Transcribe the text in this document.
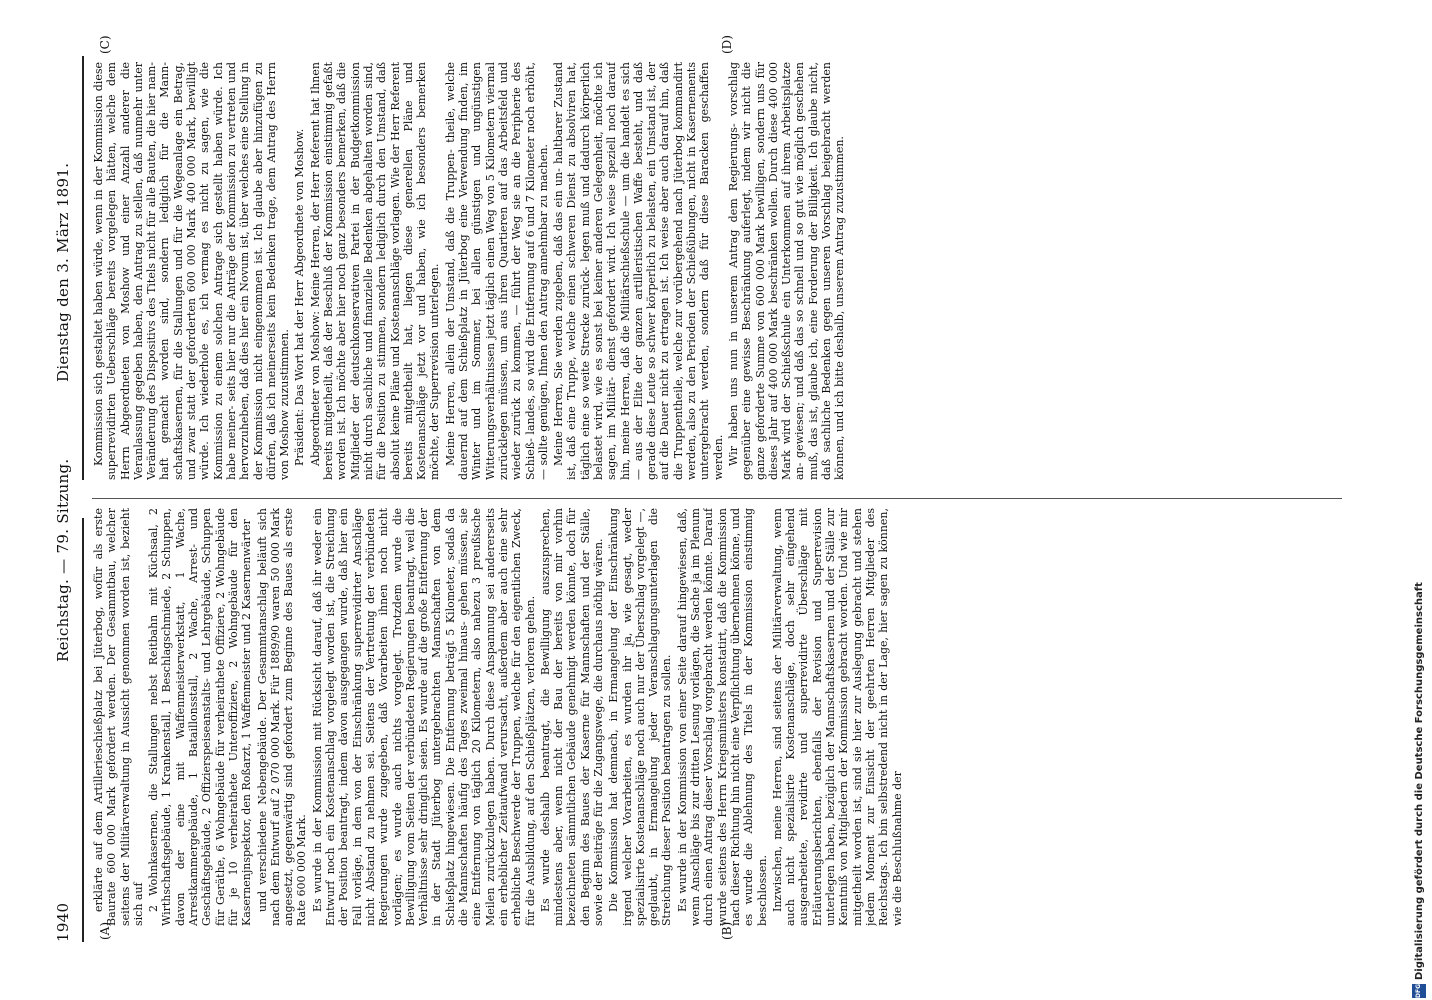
1940
Reichstag. — 79. Sitzung.
Dienstag den 3. März 1891.
(A)	(B)
(C)	(D)

erklärte auf dem Artillerieschießplatz bei Jüterbog, wofür als erste Baurate 600 000 Mark gefordert werden. Der Gesammtbau, welcher seitens der Militärverwaltung in Aussicht genommen worden ist, bezieht sich auf 2 Wohnkasernen, die Stallungen nebst Reitbahn mit Küchsaal, 2 Wirthschaftsgebäude, 1 Krankenstall, 1 Beschlagschmiede, 2 Schuppen, davon der eine mit Waffenmeisterwerkstatt, 1 Wache, Arrestkammergebäude, 1 Bataillonsstall, 2 Wache, Arrest- und Geschäftsgebäude, 2 Offizierspeiseanstalts- und Lehrgebäude, Schuppen für Geräthe, 6 Wohngebäude für verheirathete Offiziere, 2 Wohngebäude für je 10 verheirathete Unteroffiziere, 2 Wohngebäude für den Kasernenjnspektor, den Roßarzt, 1 Waffenmeister und 2 Kasernenwärter und verschiedene Nebengebäude. Der Gesammtanschlag beläuft sich nach dem Entwurf auf 2 070 000 Mark. Für 1889/90 waren 50 000 Mark angesetzt, gegenwärtig sind gefordert zum Beginne des Baues als erste Rate 600 000 Mark. Es wurde in der Kommission mit Rücksicht darauf, daß ihr weder ein Entwurf noch ein Kostenanschlag vorgelegt worden ist, die Streichung der Position beantragt, indem davon ausgegangen wurde, daß hier ein Fall vorläge, in dem von der Einschränkung superrevidirter Anschläge nicht Abstand zu nehmen sei. Seitens der Vertretung der verbündeten Regierungen wurde zugegeben, daß Vorarbeiten ihnen noch nicht vorlägen; es wurde auch nichts vorgelegt. Trotzdem wurde die Bewilligung vom Seiten der verbündeten Regierungen beantragt, weil die Verhältnisse sehr dringlich seien. Es wurde auf die große Entfernung der in der Stadt Jüterbog untergebrachten Mannschaften von dem Schießplatz hingewiesen. Die Entfernung beträgt 5 Kilometer, sodaß da die Mannschaften häufig des Tages zweimal hinaus- gehen müssen, sie eine Entfernung von täglich 20 Kilometern, also nahezu 3 preußische Meilen zurückzulegen haben. Durch diese Anspannung sei andererseits ein erheblicher Zeitaufwand verursacht, außerdem aber auch eine sehr erhebliche Beschwerde der Truppen, welche für den eigentlichen Zweck, für die Ausbildung, auf den Schießplätzen, verloren gehen. Es wurde deshalb beantragt, die Bewilligung auszusprechen, mindestens aber, wenn nicht der Bau der bereits von mir vorhin bezeichneten sämmtlichen Gebäude genehmigt werden könnte, doch für den Beginn des Baues der Kaserne für Mannschaften und der Ställe, sowie der Beiträge für die Zugangswege, die durchaus nöthig wären. Die Kommission hat demnach, in Ermangelung der Einschränkung irgend welcher Vorarbeiten, es wurden ihr ja, wie gesagt, weder spezialisirte Kostenanschläge noch auch nur der Überschlag vorgelegt —, geglaubt, in Ermangelung jeder Veranschlagungsunterlagen die Streichung dieser Position beantragen zu sollen. Es wurde in der Kommission von einer Seite darauf hingewiesen, daß, wenn Anschläge bis zur dritten Lesung vorlägen, die Sache ja im Plenum durch einen Antrag dieser Vorschlag vorgebracht werden könnte. Darauf wurde seitens des Herrn Kriegsministers konstatirt, daß die Kommission nach dieser Richtung hin nicht eine Verpflichtung übernehmen könne, und es wurde die Ablehnung des Titels in der Kommission einstimmig beschlossen. Inzwischen, meine Herren, sind seitens der Militärverwaltung, wenn auch nicht spezialisirte Kostenanschläge, doch sehr eingehend ausgearbeitete, revidirte und superrevidirte Überschläge mit Erläuterungsberichten, ebenfalls der Revision und Superrevision unterlegen haben, bezüglich der Mannschaftskasernen und der Ställe zur Kenntniß von Mitgliedern der Kommission gebracht worden. Und wie mir mitgetheilt worden ist, sind sie hier zur Auslegung gebracht und stehen jedem Moment zur Einsicht der geehrten Herren Mitglieder des Reichstags. Ich bin selbstredend nicht in der Lage, hier sagen zu können, wie die Beschlußnahme der

Kommission sich gestaltet haben würde, wenn in der Kommission diese superrevidirten Ueberschläge bereits vorgelegen hätten, welche dem Herrn Abgeordneten von Moshow und einer Anzahl anderer die Veranlassung gegeben haben, den Antrag zu stellen, daß nunmehr unter Veränderung des Dispositivs des Titels nicht für alle Bauten, die hier nam- haft gemacht worden sind, sondern lediglich für die Mann- schaftskasernen, für die Stallungen und für die Wegeanlage ein Betrag, und zwar statt der geforderten 600 000 Mark 400 000 Mark, bewilligt würde. Ich wiederhole es, ich vermag es nicht zu sagen, wie die Kommission zu einem solchen Antrage sich gestellt haben würde. Ich habe meiner- seits hier nur die Anträge der Kommission zu vertreten und hervorzuheben, daß dies hier ein Novum ist, über welches eine Stellung in der Kommission nicht eingenommen ist. Ich glaube aber hinzufügen zu dürfen, daß ich meinerseits kein Bedenken trage, dem Antrag des Herrn von Moshow zuzustimmen. Präsident: Das Wort hat der Herr Abgeordnete von Moshow. Abgeordneter von Moshow: Meine Herren, der Herr Referent hat Ihnen bereits mitgetheilt, daß der Beschluß der Kommission einstimmig gefaßt worden ist. Ich möchte aber hier noch ganz besonders bemerken, daß die Mitglieder der deutschkonservativen Partei in der Budgetkommission nicht durch sachliche und finanzielle Bedenken abgehalten worden sind, für die Position zu stimmen, sondern lediglich durch den Umstand, daß absolut keine Pläne und Kostenanschläge vorlagen. Wie der Herr Referent bereits mitgetheilt hat, liegen diese generellen Pläne und Kostenanschläge jetzt vor und haben, wie ich besonders bemerken möchte, der Superrevision unterlegen. Meine Herren, allein der Umstand, daß die Truppen- theile, welche dauernd auf dem Schießplatz in Jüterbog eine Verwendung finden, im Winter und im Sommer, bei allen günstigen und ungünstigen Witterungsverhältnissen jetzt täglich einen Weg von 5 Kilometern viermal zurücklegen müssen, um aus ihren Quartieren auf das Arbeitsfeld und wieder zurück zu kommen, — führt der Weg sie an die Peripherie des Schieß- landes, so wird die Entfernung auf 6 und 7 Kilometer noch erhöht, — sollte genügen, Ihnen den Antrag annehmbar zu machen. Meine Herren, Sie werden zugeben, daß das ein un- haltbarer Zustand ist, daß eine Truppe, welche einen schweren Dienst zu absolviren hat, täglich eine so weite Strecke zurück- legen muß und dadurch körperlich belastet wird, wie es sonst bei keiner anderen Gelegenheit, möchte ich sagen, im Militär- dienst gefordert wird. Ich weise speziell noch darauf hin, meine Herren, daß die Militärschießschule — um die handelt es sich — aus der Elite der ganzen artilleristischen Waffe besteht, und daß gerade diese Leute so schwer körperlich zu belasten, ein Umstand ist, der auf die Dauer nicht zu ertragen ist. Ich weise aber auch darauf hin, daß die Truppentheile, welche zur vorübergehend nach Jüterbog kommandirt werden, also zu den Perioden der Schießübungen, nicht in Kasernements untergebracht werden, sondern daß für diese Baracken geschaffen werden. Wir haben uns nun in unserem Antrag dem Regierungs- vorschlag gegenüber eine gewisse Beschränkung auferlegt, indem wir nicht die ganze geforderte Summe von 600 000 Mark bewilligen, sondern uns für dieses Jahr auf 400 000 Mark beschränken wollen. Durch diese 400 000 Mark wird der Schießschule ein Unterkommen auf ihrem Arbeitsplatze an- gewiesen; und daß das so schnell und so gut wie möglich geschehen muß, das ist, glaube ich, eine Forderung der Billigkeit. Ich glaube nicht, daß sachliche Bedenken gegen unseren Vorschlag beigebracht werden können, und ich bitte deshalb, unserem Antrag zuzustimmen.

DFG
Digitalisierung gefördert durch die Deutsche Forschungsgemeinschaft
